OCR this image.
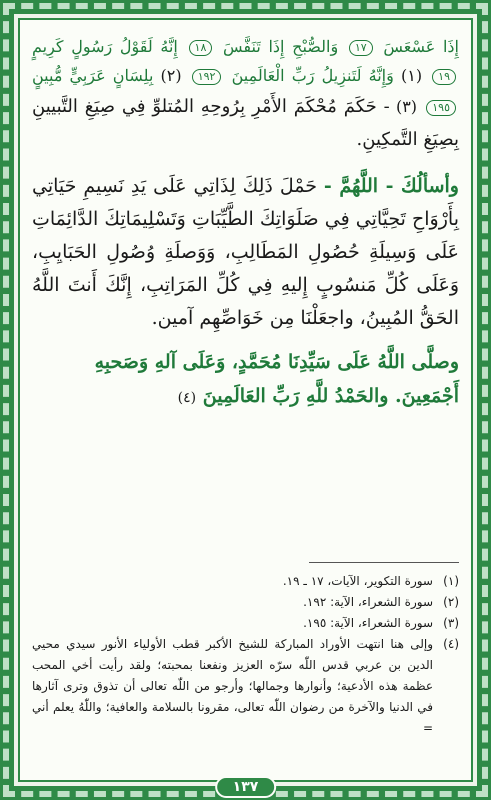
إِذَا عَسْعَسَ ١٧ وَالصُّبْحِ إِذَا تَنَفَّسَ ١٨ إِنَّهُ لَقَوْلُ رَسُولٍ كَرِيمٍ ١٩ (١) وَإِنَّهُ لَتَنزِيلُ رَبِّ الْعَالَمِينَ ١٩٢ (٢) بِلِسَانٍ عَرَبِيٍّ مُّبِينٍ ١٩٥ (٣) - حَكَمَ مُحْكَمَ الأَمْرِ بِرُوحِهِ المُتلوِّ فِي صِيَغِ التَّبيينِ بِصِيَغِ التَّمكِينِ.
وأسألُكَ - اللَّهُمَّ - حَمْلَ ذَلِكَ لِذَاتِي عَلَى يَدِ نَسِيمِ حَيَاتِي بِأَرْوَاحِ تَحِيَّاتِي فِي صَلَوَاتِكَ الطَّيِّبَاتِ وَتَسْلِيمَاتِكَ الدَّائِمَاتِ عَلَى وَسِيلَةِ حُصُولِ المَطَالِبِ، وَوَصلَةِ وُصُولِ الحَبَايِبِ، وَعَلَى كُلِّ مَنسُوبٍ إِليهِ فِي كُلِّ المَرَاتِبِ، إِنَّكَ أَنتَ اللَّهُ الحَقُّ المُبِينُ، واجعَلْنَا مِن خَوَاصِّهِم آمين.
وصلَّى اللَّهُ عَلَى سَيِّدِنَا مُحَمَّدٍ، وَعَلَى آلهِ وَصَحبِهِ أَجْمَعِينَ. والحَمْدُ للَّهِ رَبِّ العَالَمِينَ (٤)
(١)
سورة التكوير، الآيات، ١٧ ـ ١٩.
(٢)
سورة الشعراء، الآية: ١٩٢.
(٣)
سورة الشعراء، الآية: ١٩٥.
(٤)
وإلى هنا انتهت الأوراد المباركة للشيخ الأكبر قطب الأولياء الأنور سيدي محيي الدين بن عربي قدس اللّٰه سرّه العزيز ونفعنا بمحبته؛ ولقد رأيت أخي المحب عظمة هذه الأدعية؛ وأنوارها وجمالها؛ وأرجو من اللّٰه تعالى أن تذوق وترى آثارها في الدنيا والآخرة من رضوان اللّٰه تعالى، مقرونا بالسلامة والعافية؛ واللّٰهُ يعلم أني =
١٣٧
